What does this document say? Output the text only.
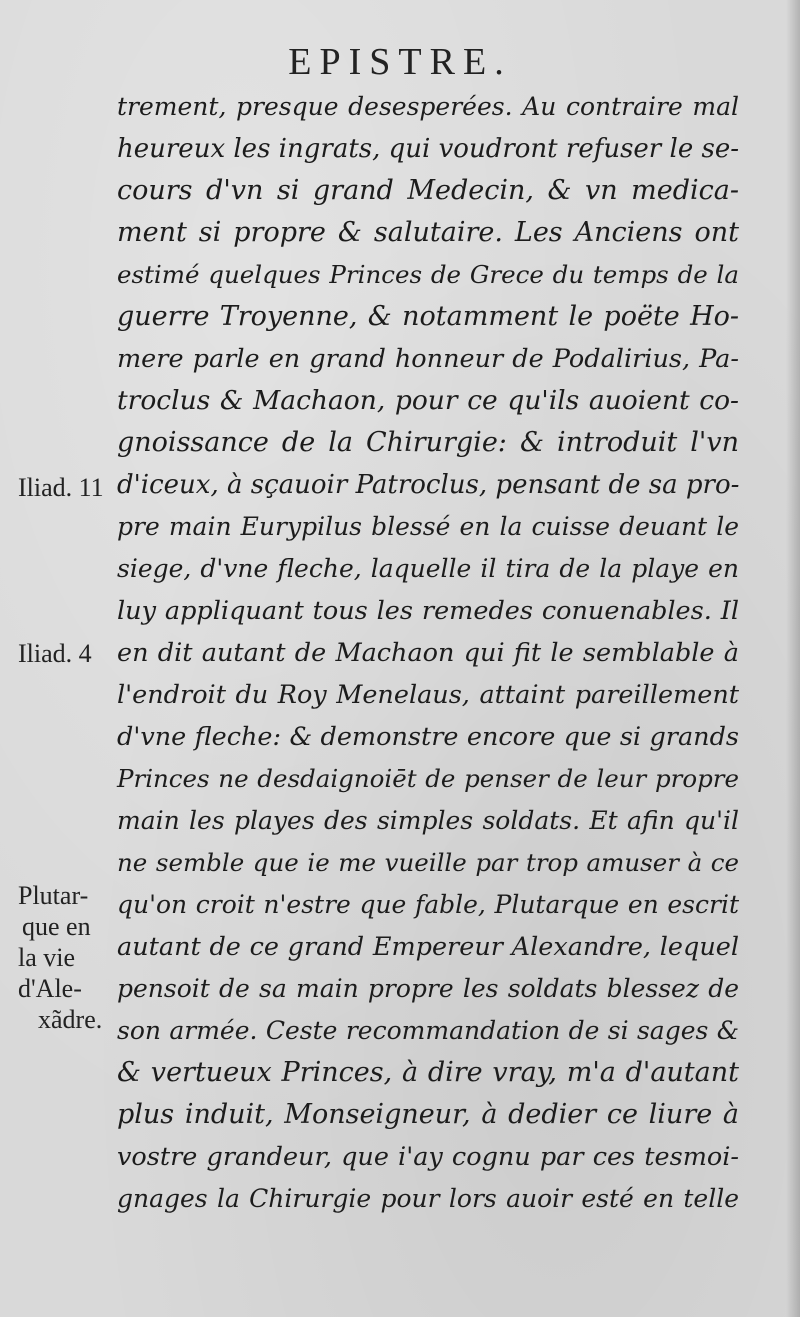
EPISTRE.
trement, presque desesperées. Au contraire mal
heureux les ingrats, qui voudront refuser le se-
cours d'vn si grand Medecin, & vn medica-
ment si propre & salutaire. Les Anciens ont
estimé quelques Princes de Grece du temps de la
guerre Troyenne, & notamment le poëte Ho-
mere parle en grand honneur de Podalirius, Pa-
troclus & Machaon, pour ce qu'ils auoient co-
gnoissance de la Chirurgie: & introduit l'vn
d'iceux, à sçauoir Patroclus, pensant de sa pro-
pre main Eurypilus blessé en la cuisse deuant le
siege, d'vne fleche, laquelle il tira de la playe en
luy appliquant tous les remedes conuenables. Il
en dit autant de Machaon qui fit le semblable à
l'endroit du Roy Menelaus, attaint pareillement
d'vne fleche: & demonstre encore que si grands
Princes ne desdaignoiēt de penser de leur propre
main les playes des simples soldats. Et afin qu'il
ne semble que ie me vueille par trop amuser à ce
qu'on croit n'estre que fable, Plutarque en escrit
autant de ce grand Empereur Alexandre, lequel
pensoit de sa main propre les soldats blessez de
son armée. Ceste recommandation de si sages &
& vertueux Princes, à dire vray, m'a d'autant
plus induit, Monseigneur, à dedier ce liure à
vostre grandeur, que i'ay cognu par ces tesmoi-
gnages la Chirurgie pour lors auoir esté en telle
Iliad. 11
Iliad. 4
Plutar-
que en
la vie
d'Ale-
xãdre.
